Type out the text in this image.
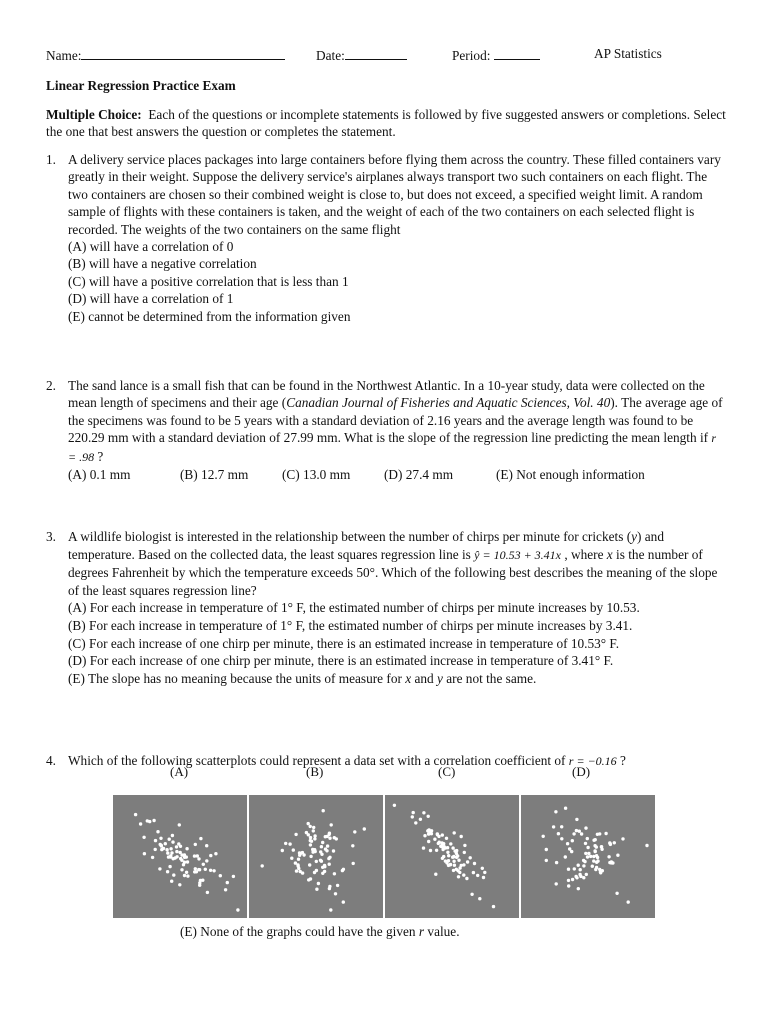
Name:	Date:	Period:	AP Statistics
Linear Regression Practice Exam
Multiple Choice: Each of the questions or incomplete statements is followed by five suggested answers or completions. Select the one that best answers the question or completes the statement.
1. A delivery service places packages into large containers before flying them across the country. These filled containers vary greatly in their weight. Suppose the delivery service's airplanes always transport two such containers on each flight. The two containers are chosen so their combined weight is close to, but does not exceed, a specified weight limit. A random sample of flights with these containers is taken, and the weight of each of the two containers on each selected flight is recorded. The weights of the two containers on the same flight
(A) will have a correlation of 0
(B) will have a negative correlation
(C) will have a positive correlation that is less than 1
(D) will have a correlation of 1
(E) cannot be determined from the information given
2. The sand lance is a small fish that can be found in the Northwest Atlantic. In a 10-year study, data were collected on the mean length of specimens and their age (Canadian Journal of Fisheries and Aquatic Sciences, Vol. 40). The average age of the specimens was found to be 5 years with a standard deviation of 2.16 years and the average length was found to be 220.29 mm with a standard deviation of 27.99 mm. What is the slope of the regression line predicting the mean length if r = .98 ?
(A) 0.1 mm	(B) 12.7 mm	(C) 13.0 mm	(D) 27.4 mm	(E) Not enough information
3. A wildlife biologist is interested in the relationship between the number of chirps per minute for crickets (y) and temperature. Based on the collected data, the least squares regression line is ŷ = 10.53 + 3.41x , where x is the number of degrees Fahrenheit by which the temperature exceeds 50°. Which of the following best describes the meaning of the slope of the least squares regression line?
(A) For each increase in temperature of 1° F, the estimated number of chirps per minute increases by 10.53.
(B) For each increase in temperature of 1° F, the estimated number of chirps per minute increases by 3.41.
(C) For each increase of one chirp per minute, there is an estimated increase in temperature of 10.53° F.
(D) For each increase of one chirp per minute, there is an estimated increase in temperature of 3.41° F.
(E) The slope has no meaning because the units of measure for x and y are not the same.
4. Which of the following scatterplots could represent a data set with a correlation coefficient of r = −0.16 ?
(A)	(B)	(C)	(D)
(E) None of the graphs could have the given r value.
